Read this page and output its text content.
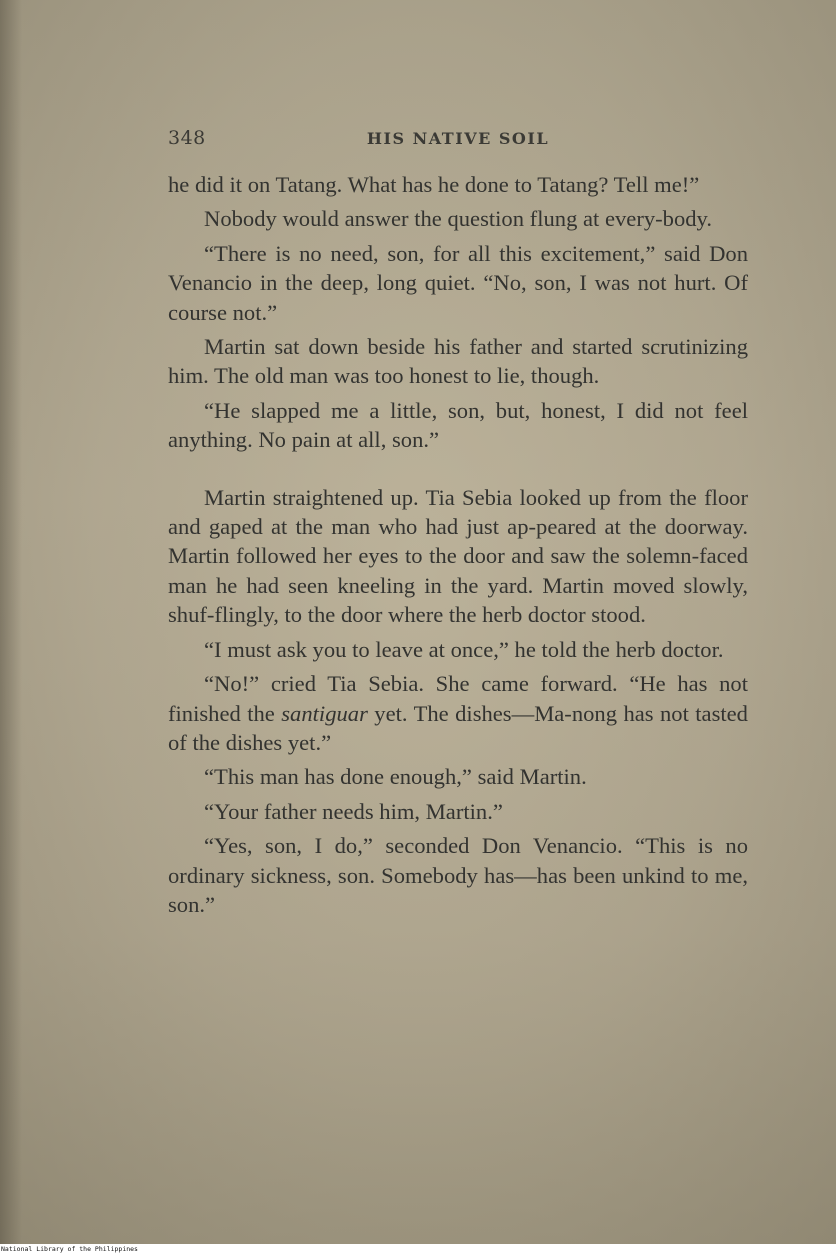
348	HIS NATIVE SOIL

he did it on Tatang. What has he done to Tatang? Tell me!”

Nobody would answer the question flung at every-body.

“There is no need, son, for all this excitement,” said Don Venancio in the deep, long quiet. “No, son, I was not hurt. Of course not.”

Martin sat down beside his father and started scrutinizing him. The old man was too honest to lie, though.

“He slapped me a little, son, but, honest, I did not feel anything. No pain at all, son.”

Martin straightened up. Tia Sebia looked up from the floor and gaped at the man who had just ap-peared at the doorway. Martin followed her eyes to the door and saw the solemn-faced man he had seen kneeling in the yard. Martin moved slowly, shuf-flingly, to the door where the herb doctor stood.

“I must ask you to leave at once,” he told the herb doctor.

“No!” cried Tia Sebia. She came forward. “He has not finished the santiguar yet. The dishes—Ma-nong has not tasted of the dishes yet.”

“This man has done enough,” said Martin.

“Your father needs him, Martin.”

“Yes, son, I do,” seconded Don Venancio. “This is no ordinary sickness, son. Somebody has—has been unkind to me, son.”

National Library of the Philippines
